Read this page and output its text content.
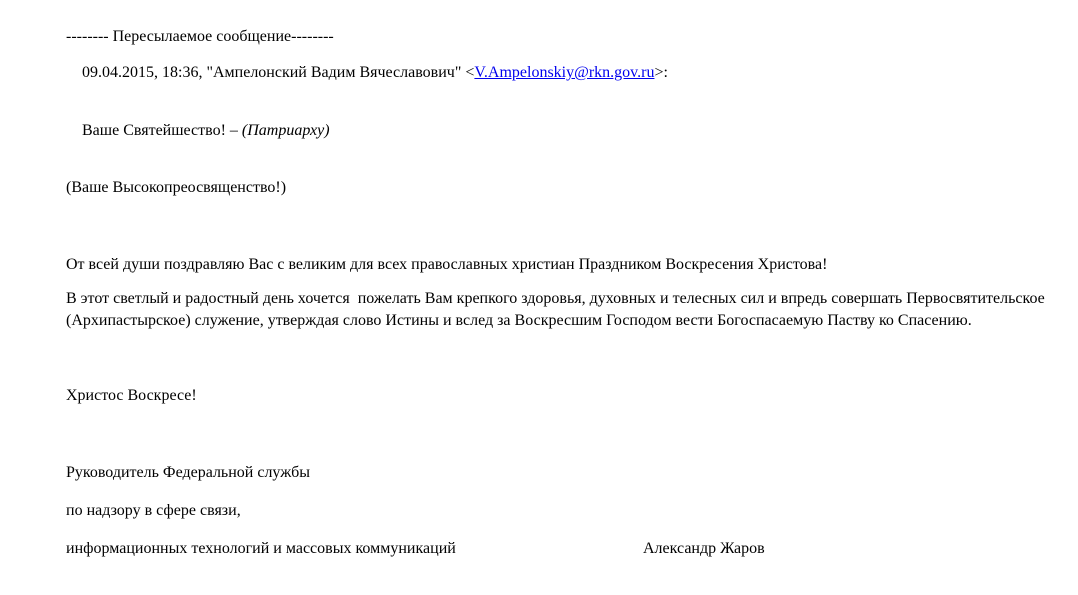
-------- Пересылаемое сообщение--------

09.04.2015, 18:36, "Ампелонский Вадим Вячеславович" <V.Ampelonskiy@rkn.gov.ru>:

Ваше Святейшество! – (Патриарху)

(Ваше Высокопреосвященство!)
От всей души поздравляю Вас с великим для всех православных христиан Праздником Воскресения Христова!
В этот светлый и радостный день хочется  пожелать Вам крепкого здоровья, духовных и телесных сил и впредь совершать Первосвятительское
(Архипастырское) служение, утверждая слово Истины и вслед за Воскресшим Господом вести Богоспасаемую Паству ко Спасению.
Христос Воскресе!
Руководитель Федеральной службы
по надзору в сфере связи,
информационных технологий и массовых коммуникаций	Александр Жаров
